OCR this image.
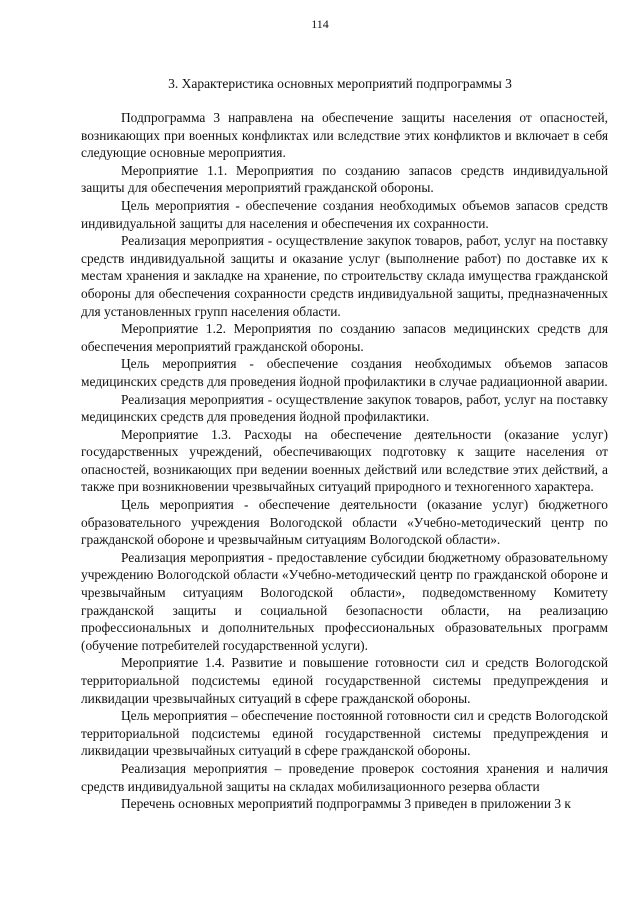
114
3. Характеристика основных мероприятий подпрограммы 3

Подпрограмма 3 направлена на обеспечение защиты населения от опасностей, возникающих при военных конфликтах или вследствие этих конфликтов и включает в себя следующие основные мероприятия.

Мероприятие 1.1. Мероприятия по созданию запасов средств индивидуальной защиты для обеспечения мероприятий гражданской обороны.

Цель мероприятия - обеспечение создания необходимых объемов запасов средств индивидуальной защиты для населения и обеспечения их сохранности.

Реализация мероприятия - осуществление закупок товаров, работ, услуг на поставку средств индивидуальной защиты и оказание услуг (выполнение работ) по доставке их к местам хранения и закладке на хранение, по строительству склада имущества гражданской обороны для обеспечения сохранности средств индивидуальной защиты, предназначенных для установленных групп населения области.

Мероприятие 1.2. Мероприятия по созданию запасов медицинских средств для обеспечения мероприятий гражданской обороны.

Цель мероприятия - обеспечение создания необходимых объемов запасов медицинских средств для проведения йодной профилактики в случае радиационной аварии.

Реализация мероприятия - осуществление закупок товаров, работ, услуг на поставку медицинских средств для проведения йодной профилактики.

Мероприятие 1.3. Расходы на обеспечение деятельности (оказание услуг) государственных учреждений, обеспечивающих подготовку к защите населения от опасностей, возникающих при ведении военных действий или вследствие этих действий, а также при возникновении чрезвычайных ситуаций природного и техногенного характера.

Цель мероприятия - обеспечение деятельности (оказание услуг) бюджетного образовательного учреждения Вологодской области «Учебно-методический центр по гражданской обороне и чрезвычайным ситуациям Вологодской области».

Реализация мероприятия - предоставление субсидии бюджетному образовательному учреждению Вологодской области «Учебно-методический центр по гражданской обороне и чрезвычайным ситуациям Вологодской области», подведомственному Комитету гражданской защиты и социальной безопасности области, на реализацию профессиональных и дополнительных профессиональных образовательных программ (обучение потребителей государственной услуги).

Мероприятие 1.4. Развитие и повышение готовности сил и средств Вологодской территориальной подсистемы единой государственной системы предупреждения и ликвидации чрезвычайных ситуаций в сфере гражданской обороны.

Цель мероприятия – обеспечение постоянной готовности сил и средств Вологодской территориальной подсистемы единой государственной системы предупреждения и ликвидации чрезвычайных ситуаций в сфере гражданской обороны.

Реализация мероприятия – проведение проверок состояния хранения и наличия средств индивидуальной защиты на складах мобилизационного резерва области

Перечень основных мероприятий подпрограммы 3 приведен в приложении 3 к
